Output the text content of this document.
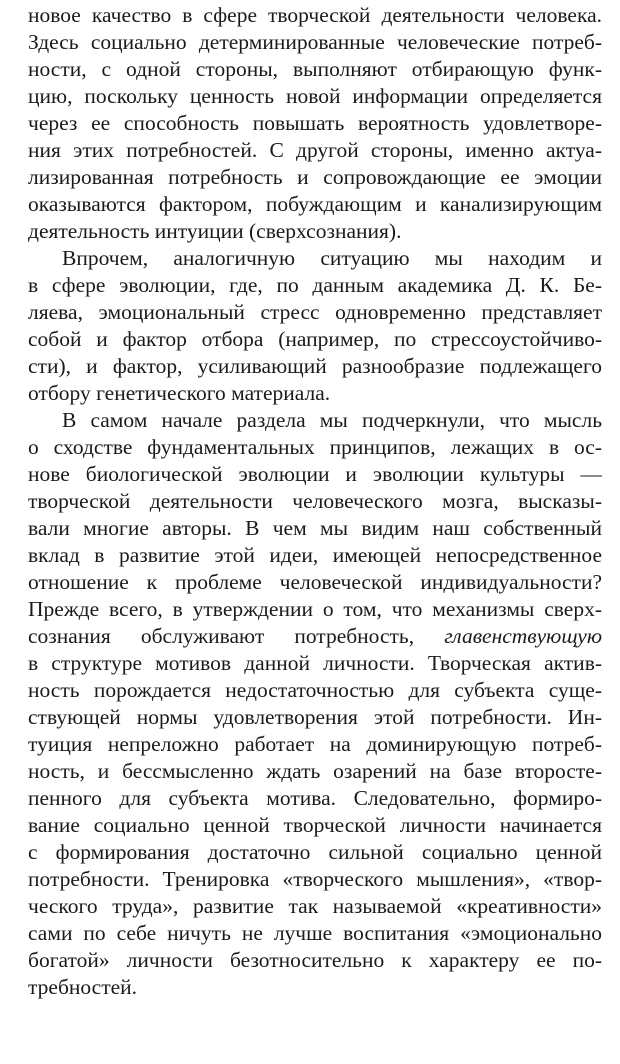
новое качество в сфере творческой деятельности человека.
Здесь социально детерминированные человеческие потреб-
ности, с одной стороны, выполняют отбирающую функ-
цию, поскольку ценность новой информации определяется
через ее способность повышать вероятность удовлетворе-
ния этих потребностей. С другой стороны, именно актуа-
лизированная потребность и сопровождающие ее эмоции
оказываются фактором, побуждающим и канализирующим
деятельность интуиции (сверхсознания).
Впрочем, аналогичную ситуацию мы находим и
в сфере эволюции, где, по данным академика Д. К. Бе-
ляева, эмоциональный стресс одновременно представляет
собой и фактор отбора (например, по стрессоустойчиво-
сти), и фактор, усиливающий разнообразие подлежащего
отбору генетического материала.
В самом начале раздела мы подчеркнули, что мысль
о сходстве фундаментальных принципов, лежащих в ос-
нове биологической эволюции и эволюции культуры —
творческой деятельности человеческого мозга, высказы-
вали многие авторы. В чем мы видим наш собственный
вклад в развитие этой идеи, имеющей непосредственное
отношение к проблеме человеческой индивидуальности?
Прежде всего, в утверждении о том, что механизмы сверх-
сознания обслуживают потребность, главенствующую
в структуре мотивов данной личности. Творческая актив-
ность порождается недостаточностью для субъекта суще-
ствующей нормы удовлетворения этой потребности. Ин-
туиция непреложно работает на доминирующую потреб-
ность, и бессмысленно ждать озарений на базе второсте-
пенного для субъекта мотива. Следовательно, формиро-
вание социально ценной творческой личности начинается
с формирования достаточно сильной социально ценной
потребности. Тренировка «творческого мышления», «твор-
ческого труда», развитие так называемой «креативности»
сами по себе ничуть не лучше воспитания «эмоционально
богатой» личности безотносительно к характеру ее по-
требностей.
